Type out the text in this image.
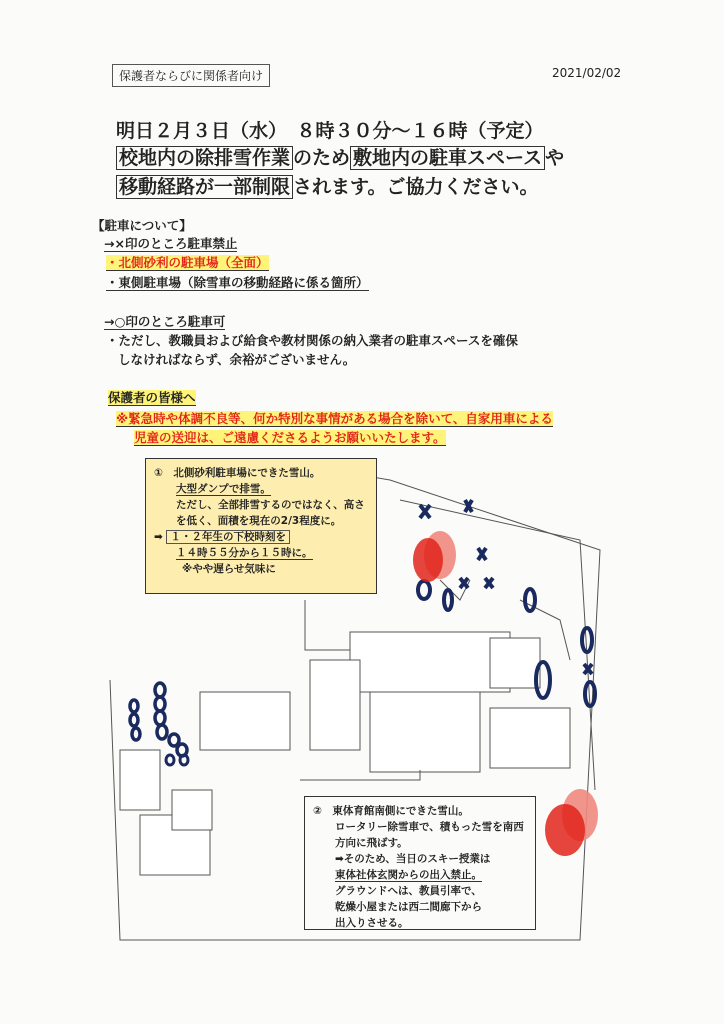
保護者ならびに関係者向け	2021/02/02
明日２月３日（水）　８時３０分～１６時（予定）
校地内の除排雪作業 のため 敷地内の駐車スペース や
移動経路が一部制限 されます。ご協力ください。
【駐車について】
→×印のところ駐車禁止
・北側砂利の駐車場（全面）
・東側駐車場（除雪車の移動経路に係る箇所）
→○印のところ駐車可
・ただし、教職員および給食や教材関係の納入業者の駐車スペースを確保
しなければならず、余裕がございません。
保護者の皆様へ
※緊急時や体調不良等、何か特別な事情がある場合を除いて、自家用車による
児童の送迎は、ご遠慮くださるようお願いいたします。
①　北側砂利駐車場にできた雪山。
大型ダンプで排雪。
ただし、全部排雪するのではなく、高さを低く、面積を現在の2/3程度に。
➡ １・２年生の下校時刻を
１４時５５分から１５時に。
※やや遅らせ気味に
②　東体育館南側にできた雪山。
ロータリー除雪車で、積もった雪を南西方向に飛ばす。
➡そのため、当日のスキー授業は
東体社体玄関からの出入禁止。
グラウンドへは、教員引率で、
乾燥小屋または西二間廊下から
出入りさせる。
